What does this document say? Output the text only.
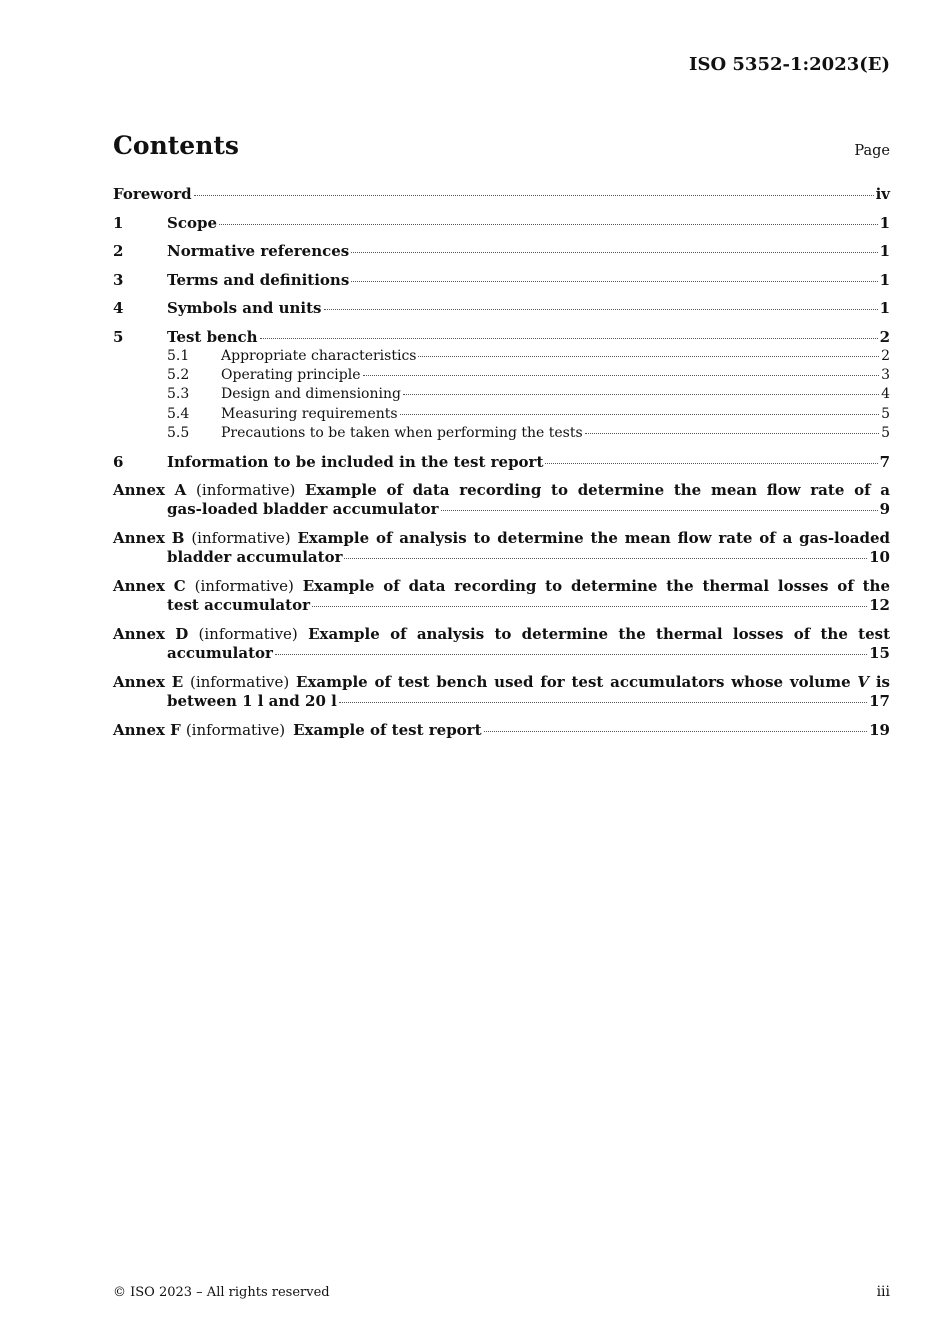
ISO 5352-1:2023(E)
Contents	Page
Foreword	iv
1	Scope	1
2	Normative references	1
3	Terms and definitions	1
4	Symbols and units	1
5	Test bench	2
5.1	Appropriate characteristics	2
5.2	Operating principle	3
5.3	Design and dimensioning	4
5.4	Measuring requirements	5
5.5	Precautions to be taken when performing the tests	5
6	Information to be included in the test report	7
Annex A (informative) Example of data recording to determine the mean flow rate of a
gas-loaded bladder accumulator	9
Annex B (informative) Example of analysis to determine the mean flow rate of a gas-loaded
bladder accumulator	10
Annex C (informative) Example of data recording to determine the thermal losses of the
test accumulator	12
Annex D (informative) Example of analysis to determine the thermal losses of the test
accumulator	15
Annex E (informative) Example of test bench used for test accumulators whose volume V is
between 1 l and 20 l	17
Annex F (informative) Example of test report	19
© ISO 2023 – All rights reserved	iii
